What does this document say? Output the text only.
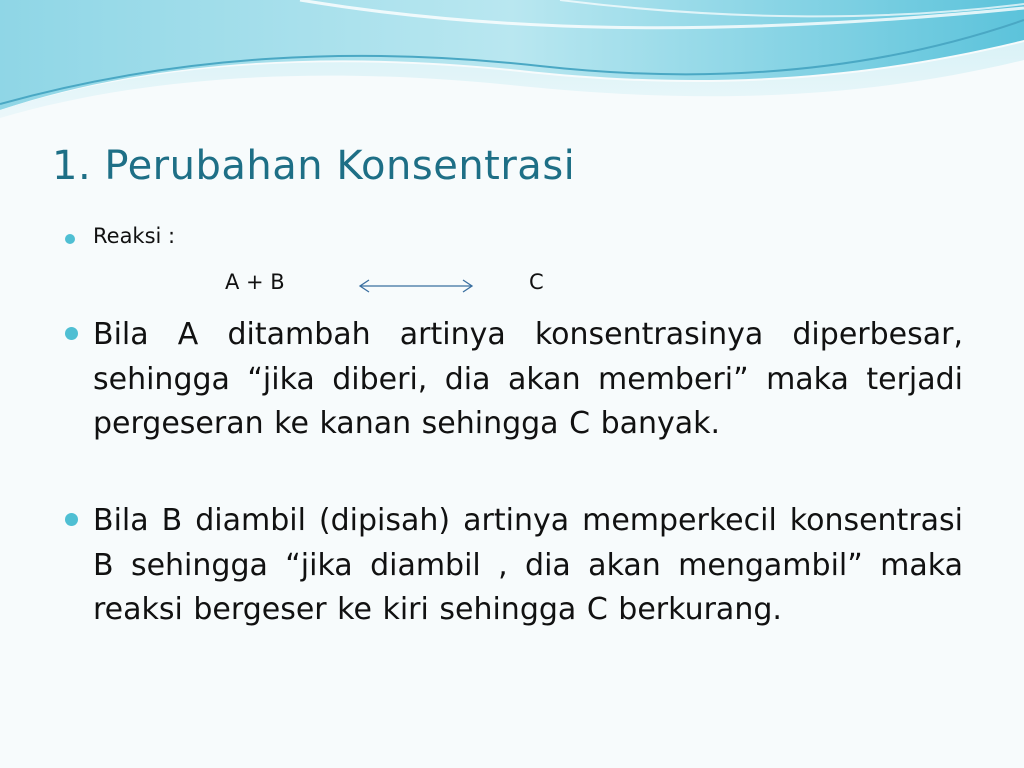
1. Perubahan Konsentrasi
Reaksi :
A + B	C

Bila A ditambah artinya konsentrasinya diperbesar, sehingga “jika diberi, dia akan memberi” maka terjadi pergeseran ke kanan sehingga C banyak.

Bila B diambil (dipisah) artinya memperkecil konsentrasi B sehingga “jika diambil , dia akan mengambil” maka reaksi bergeser ke kiri sehingga C berkurang.
